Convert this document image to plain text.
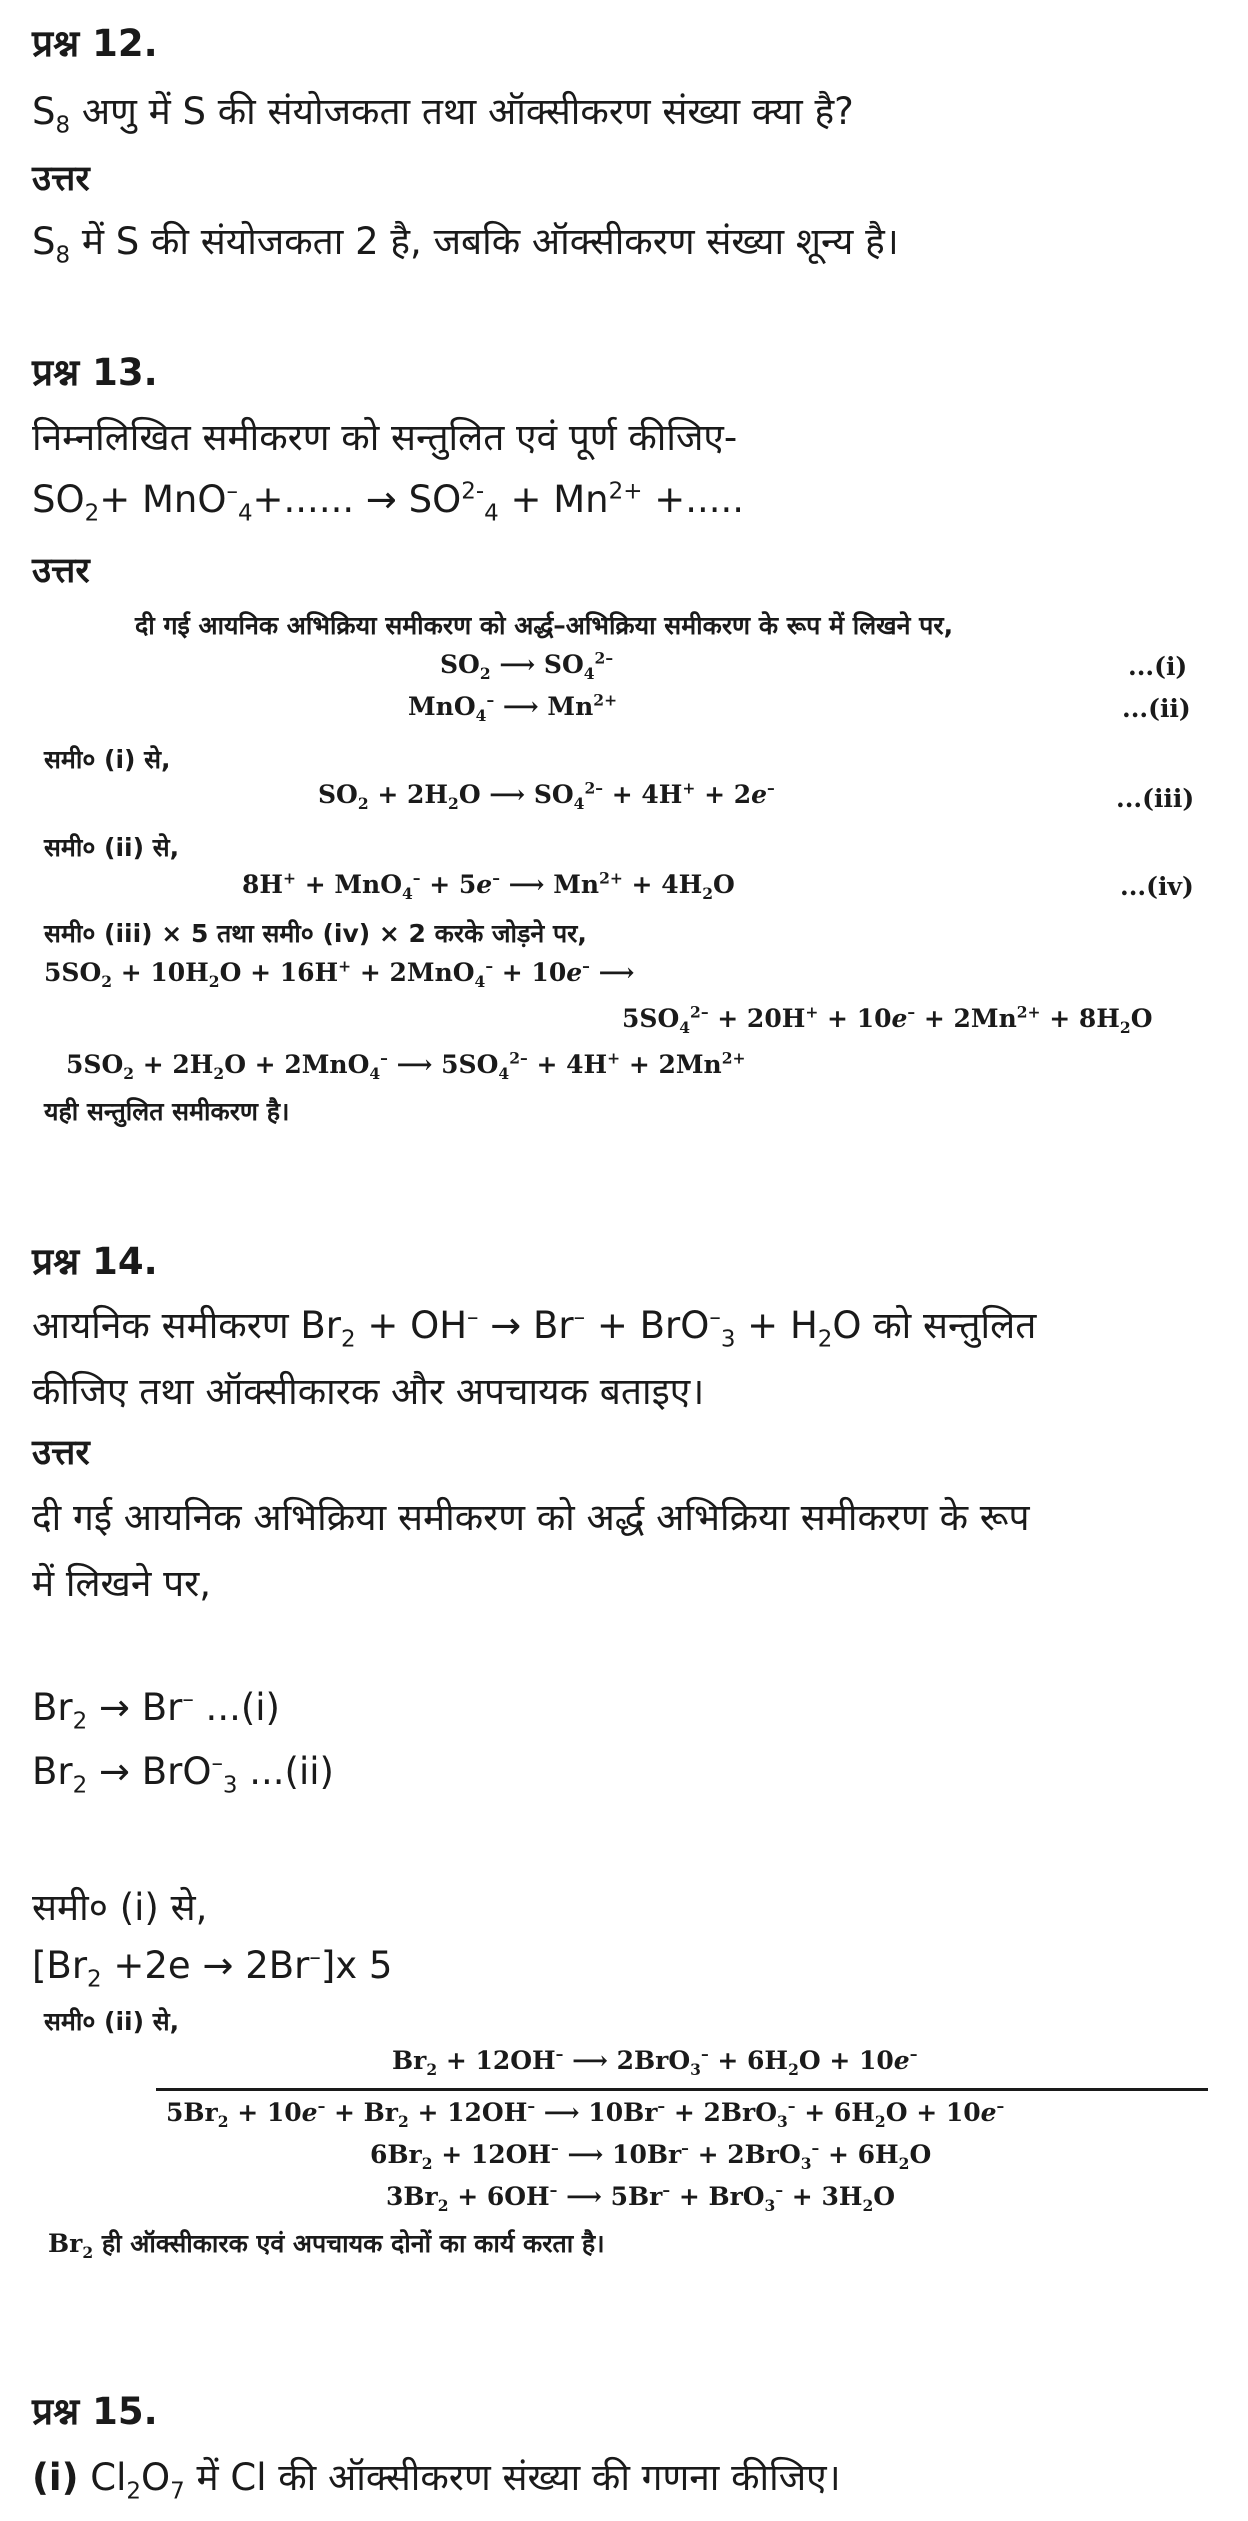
प्रश्न 12.
$S_8$ अणु में S की संयोजकता तथा ऑक्सीकरण संख्या क्या है?
उत्तर
$S_8$ में S की संयोजकता 2 है, जबकि ऑक्सीकरण संख्या शून्य है।
प्रश्न 13.
निम्नलिखित समीकरण को सन्तुलित एवं पूर्ण कीजिए-
$SO_2+ MnO^-_4+$...... → $SO^{2-}_4 + Mn^{2+}$ +.....
उत्तर
दी गई आयनिक अभिक्रिया समीकरण को अर्द्ध–अभिक्रिया समीकरण के रूप में लिखने पर,
$SO_2$ ⟶ $SO_4^{2-}$	...(i)
MnO$_4$– ⟶ $Mn^{2+}$	...(ii)
समी० (i) से,
$SO_2 + 2H_2O$ ⟶ $SO_4^{2-} + 4H^+ + 2e^-$	...(iii)
समी० (ii) से,
8H+ + MnO$_4$– + 5e– ⟶ $Mn^{2+} + 4H_2O$	...(iv)
समी० (iii) × 5 तथा समी० (iv) × 2 करके जोड़ने पर,
$5SO_2 + 10H_2O + 16H^+ + 2MnO_4^- + 10e^-$ ⟶
$5SO_4^{2-} + 20H^+ + 10e^- + 2Mn^{2+} + 8H_2O$
$5SO_2 + 2H_2O + 2MnO_4^-$ ⟶ $5SO_4^{2-} + 4H^+ + 2Mn^{2+}$
यही सन्तुलित समीकरण है।
प्रश्न 14.
आयनिक समीकरण $Br_2 + OH^- \to Br^- + BrO^-_3 + H_2O$ को सन्तुलित
कीजिए तथा ऑक्सीकारक और अपचायक बताइए।
उत्तर
दी गई आयनिक अभिक्रिया समीकरण को अर्द्ध अभिक्रिया समीकरण के रूप
में लिखने पर,
$Br_2 \to Br^-$ ...(i)
$Br_2 \to BrO^-_3$ ...(ii)
समी० (i) से,
$[Br_2 +2e \to 2Br^-]x$ 5
समी० (ii) से,
$Br_2 + 12OH^-$ ⟶ $2BrO_3^- + 6H_2O + 10e^-$
$5Br_2 + 10e^- + Br_2 + 12OH^-$ ⟶ $10Br^- + 2BrO_3^- + 6H_2O + 10e^-$
$6Br_2 + 12OH^-$ ⟶ $10Br^- + 2BrO_3^- + 6H_2O$
$3Br_2 + 6OH^-$ ⟶ $5Br^- + BrO_3^- + 3H_2O$
$Br_2$ ही ऑक्सीकारक एवं अपचायक दोनों का कार्य करता है।
प्रश्न 15.
(i) $Cl_2O_7$ में Cl की ऑक्सीकरण संख्या की गणना कीजिए।
